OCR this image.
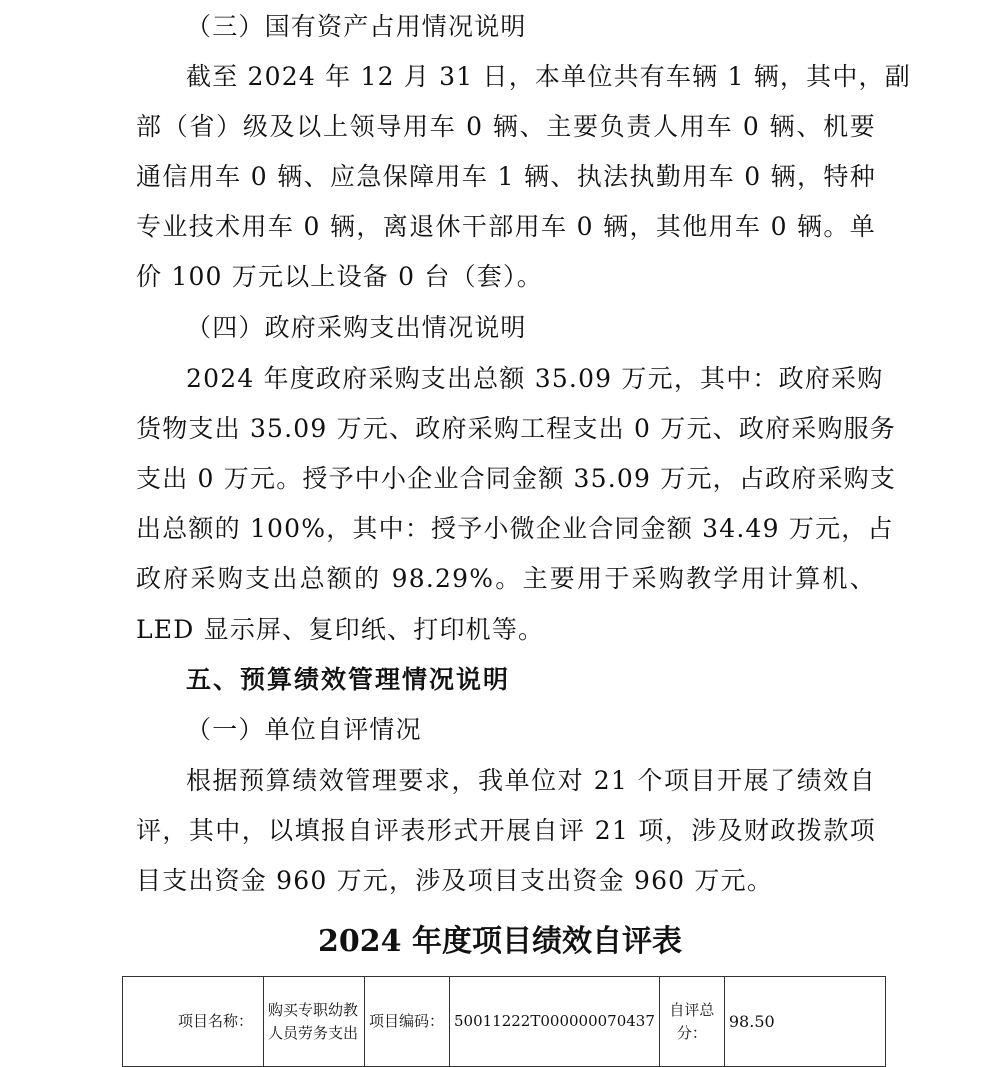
（三）国有资产占用情况说明
截至 2024 年 12 月 31 日，本单位共有车辆 1 辆，其中，副
部（省）级及以上领导用车 0 辆、主要负责人用车 0 辆、机要
通信用车 0 辆、应急保障用车 1 辆、执法执勤用车 0 辆，特种
专业技术用车 0 辆，离退休干部用车 0 辆，其他用车 0 辆。单
价 100 万元以上设备 0 台（套）。
（四）政府采购支出情况说明
2024 年度政府采购支出总额 35.09 万元，其中：政府采购
货物支出 35.09 万元、政府采购工程支出 0 万元、政府采购服务
支出 0 万元。授予中小企业合同金额 35.09 万元，占政府采购支
出总额的 100%，其中：授予小微企业合同金额 34.49 万元，占
政府采购支出总额的 98.29%。主要用于采购教学用计算机、
LED 显示屏、复印纸、打印机等。
五、预算绩效管理情况说明
（一）单位自评情况
根据预算绩效管理要求，我单位对 21 个项目开展了绩效自
评，其中，以填报自评表形式开展自评 21 项，涉及财政拨款项
目支出资金 960 万元，涉及项目支出资金 960 万元。
2024 年度项目绩效自评表
项目名称：	购买专职幼教人员劳务支出	项目编码：	50011222T000000070437	自评总分：	98.50
